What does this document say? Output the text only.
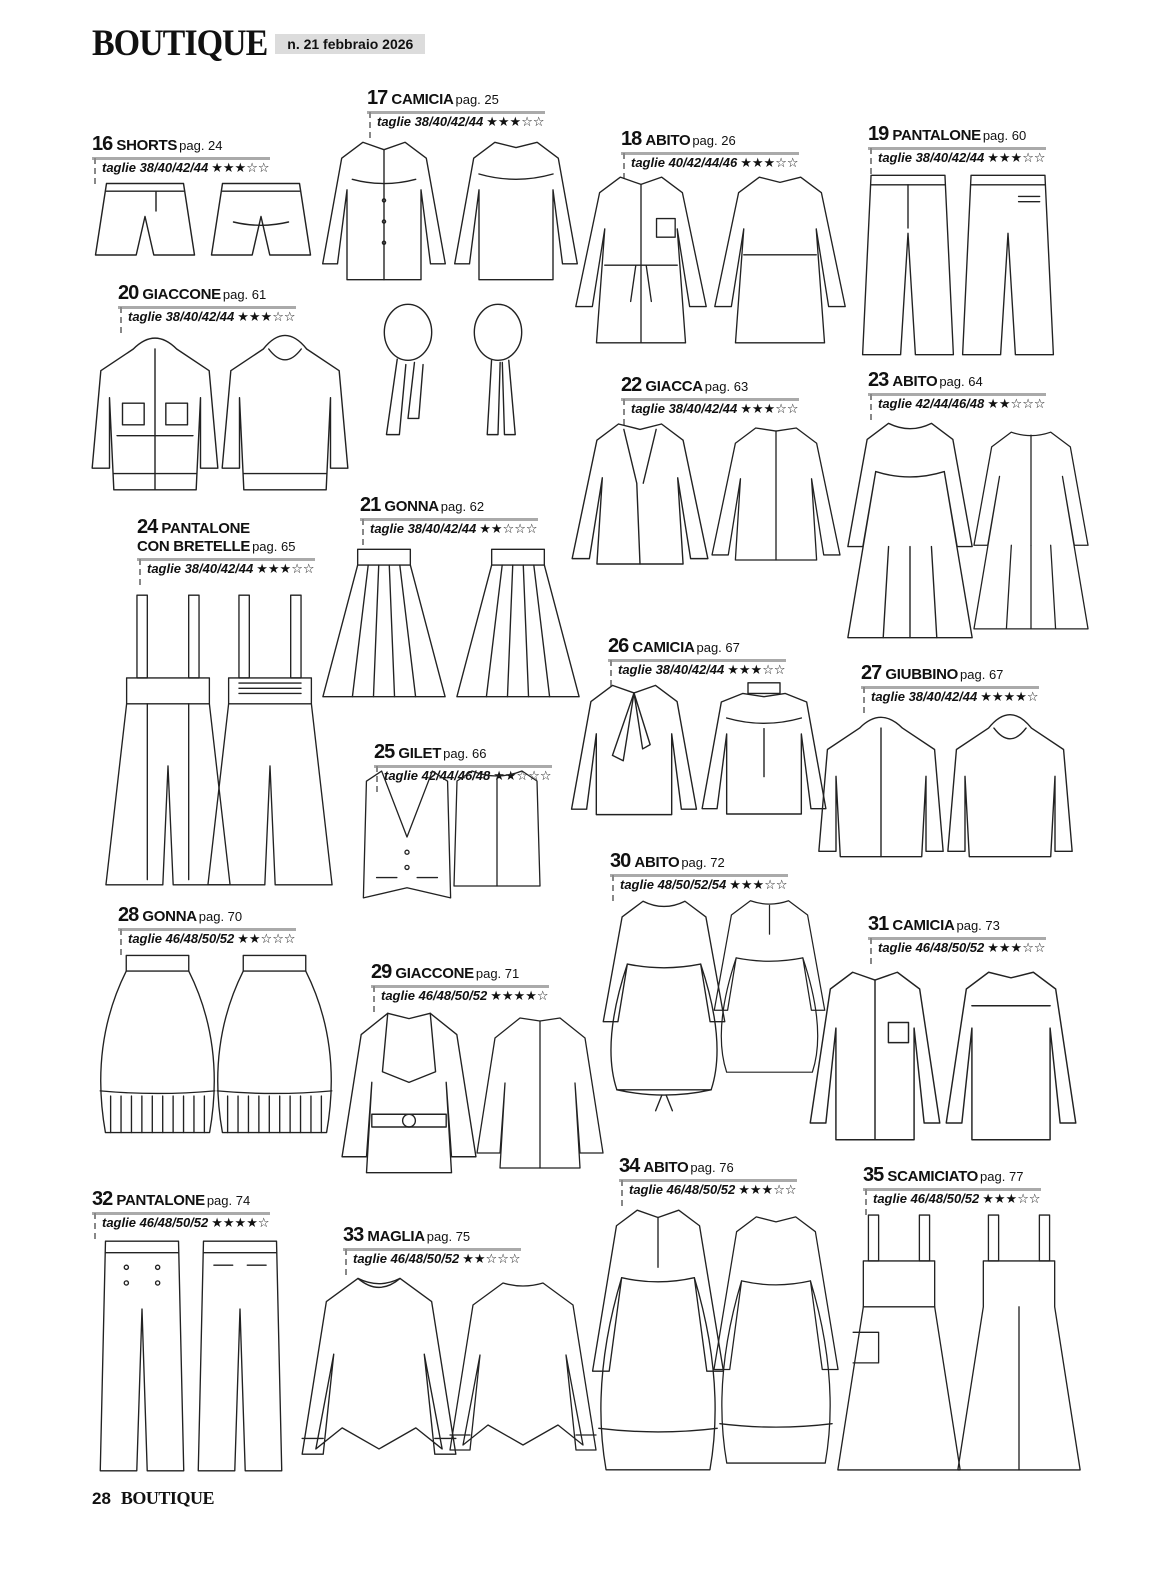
BOUTIQUE	n. 21 febbraio 2026
16 SHORTS pag. 24
taglie 38/40/42/44 ★★★☆☆
17 CAMICIA pag. 25
taglie 38/40/42/44 ★★★☆☆
18 ABITO pag. 26
taglie 40/42/44/46 ★★★☆☆
19 PANTALONE pag. 60
taglie 38/40/42/44 ★★★☆☆
20 GIACCONE pag. 61
taglie 38/40/42/44 ★★★☆☆
21 GONNA pag. 62
taglie 38/40/42/44 ★★☆☆☆
22 GIACCA pag. 63
taglie 38/40/42/44 ★★★☆☆
23 ABITO pag. 64
taglie 42/44/46/48 ★★☆☆☆
24 PANTALONE
CON BRETELLE pag. 65
taglie 38/40/42/44 ★★★☆☆
25 GILET pag. 66
taglie 42/44/46/48 ★★☆☆☆
26 CAMICIA pag. 67
taglie 38/40/42/44 ★★★☆☆	27 GIUBBINO pag. 67
taglie 38/40/42/44 ★★★★☆
28 GONNA pag. 70
taglie 46/48/50/52 ★★☆☆☆
29 GIACCONE pag. 71
taglie 46/48/50/52 ★★★★☆
30 ABITO pag. 72
taglie 48/50/52/54 ★★★☆☆
31 CAMICIA pag. 73
taglie 46/48/50/52 ★★★☆☆
32 PANTALONE pag. 74
taglie 46/48/50/52 ★★★★☆
33 MAGLIA pag. 75
taglie 46/48/50/52 ★★☆☆☆
34 ABITO pag. 76
taglie 46/48/50/52 ★★★☆☆
35 SCAMICIATO pag. 77
taglie 46/48/50/52 ★★★☆☆
28 BOUTIQUE
